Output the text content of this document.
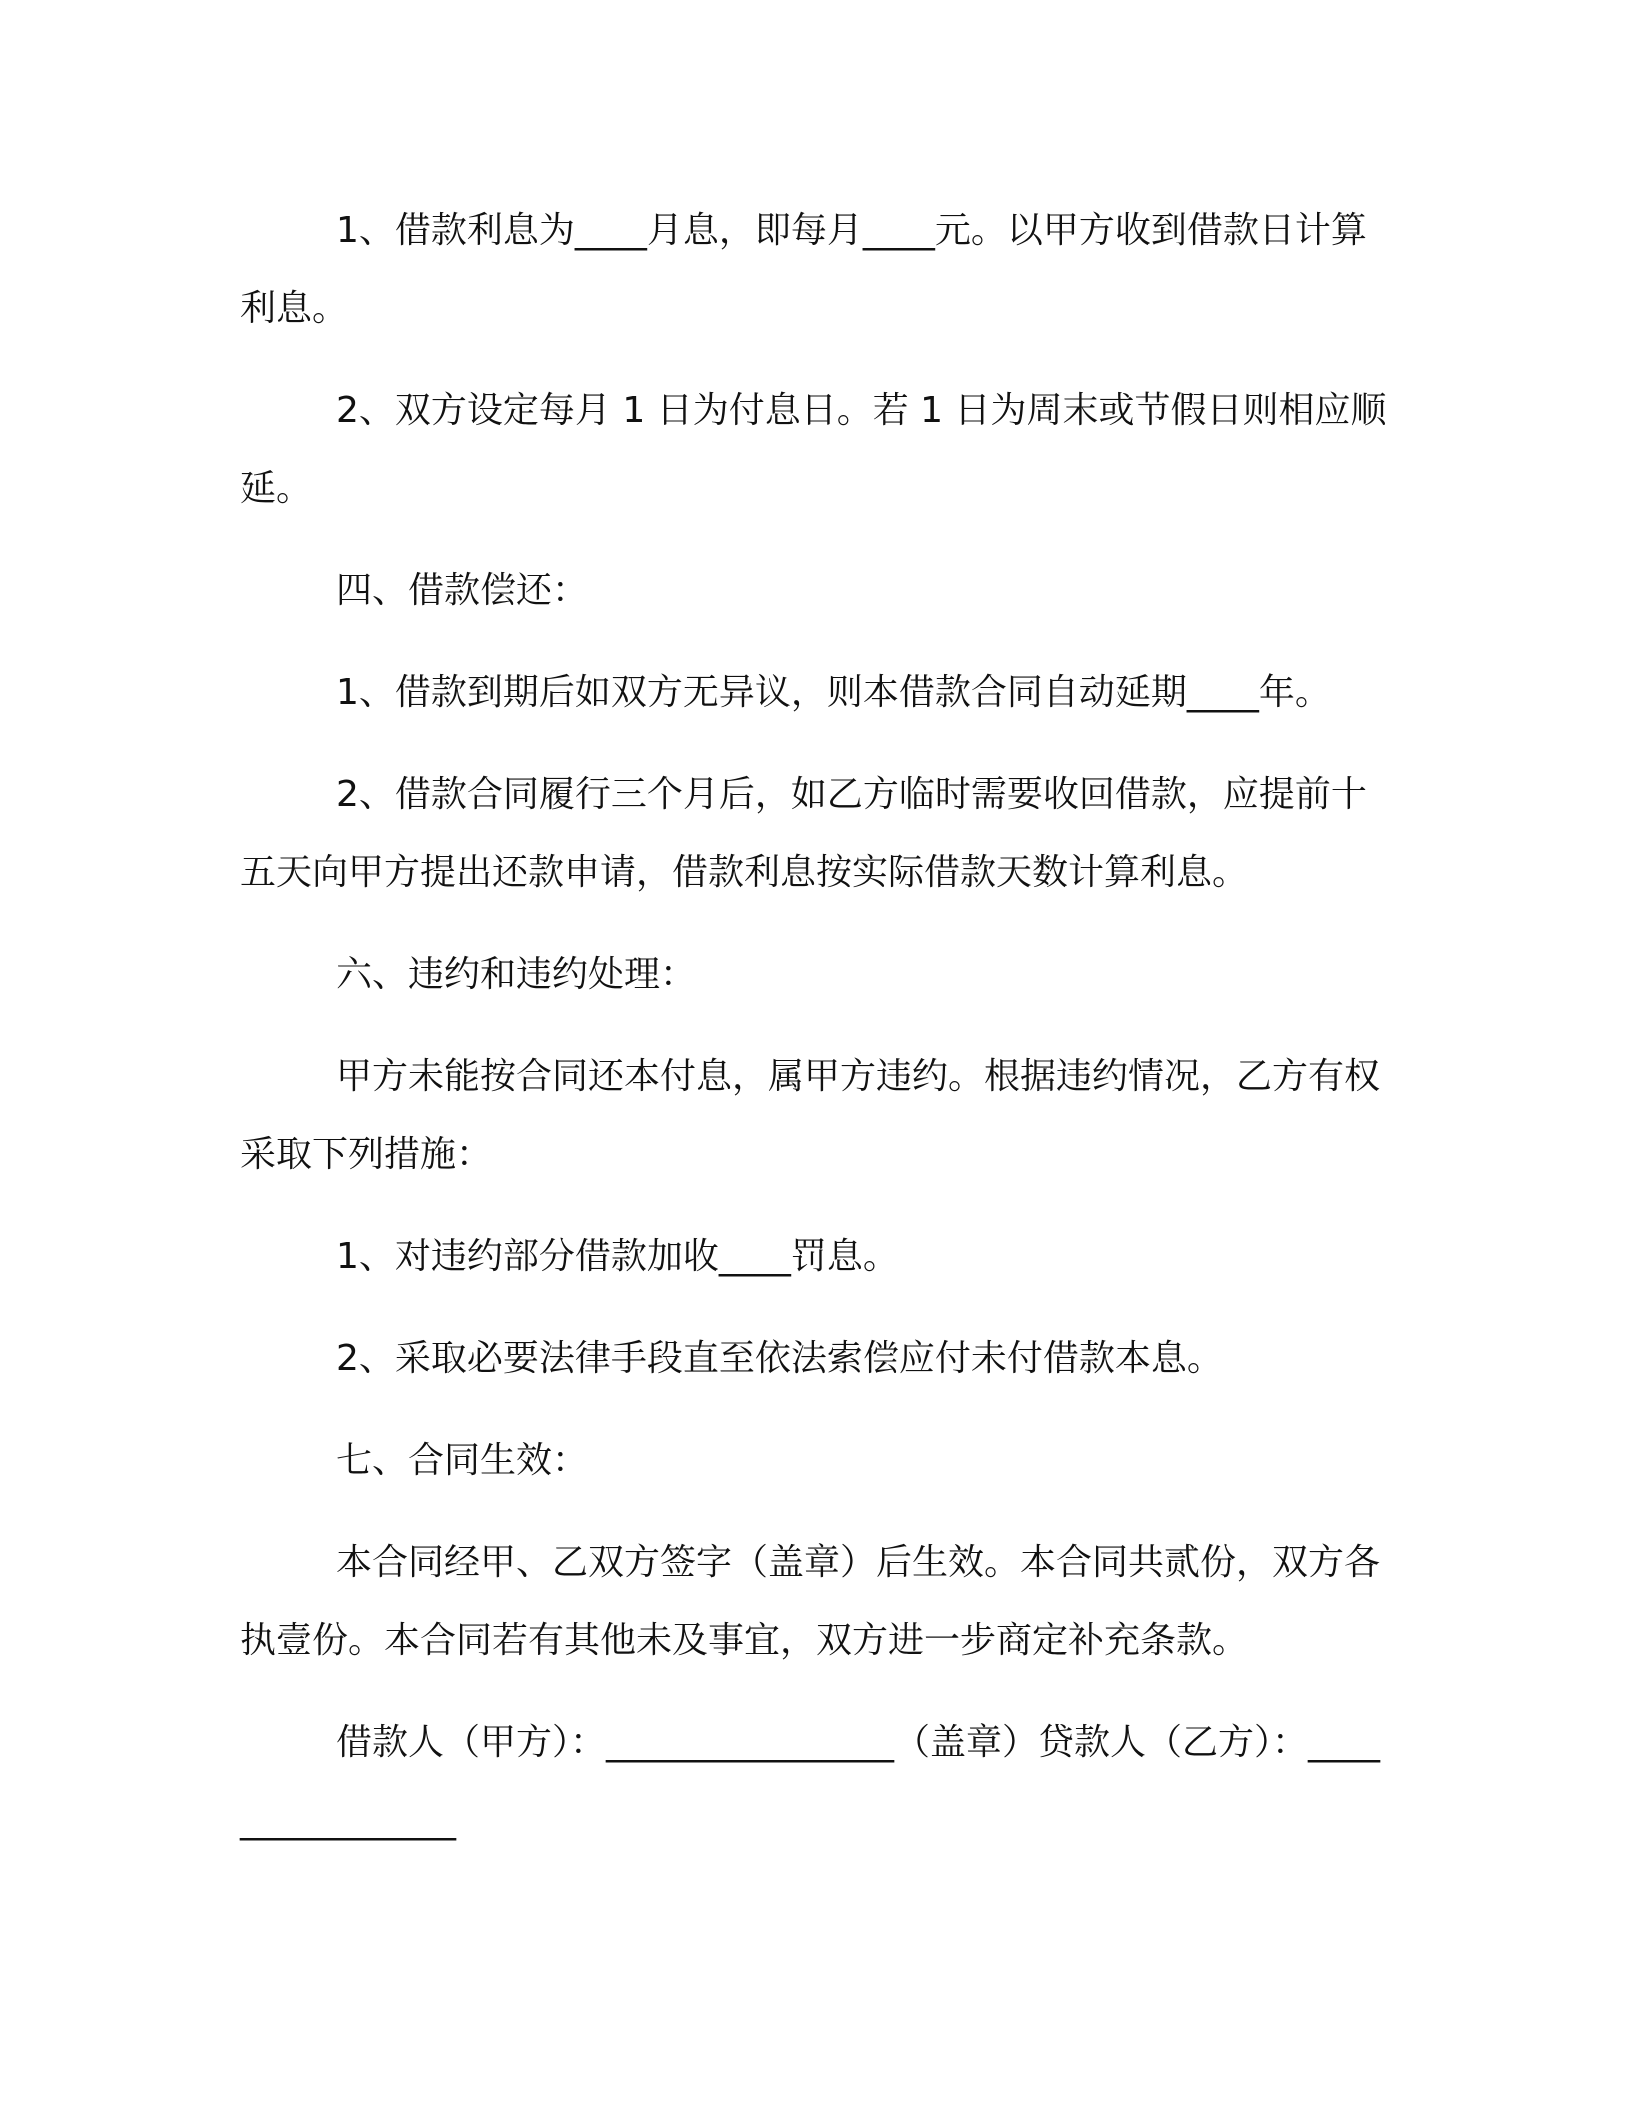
1、借款利息为____月息，即每月____元。以甲方收到借款日计算利息。

2、双方设定每月 1 日为付息日。若 1 日为周末或节假日则相应顺延。

四、借款偿还：

1、借款到期后如双方无异议，则本借款合同自动延期____年。

2、借款合同履行三个月后，如乙方临时需要收回借款，应提前十五天向甲方提出还款申请，借款利息按实际借款天数计算利息。

六、违约和违约处理：

甲方未能按合同还本付息，属甲方违约。根据违约情况，乙方有权采取下列措施：

1、对违约部分借款加收____罚息。

2、采取必要法律手段直至依法索偿应付未付借款本息。

七、合同生效：

本合同经甲、乙双方签字（盖章）后生效。本合同共贰份，双方各执壹份。本合同若有其他未及事宜，双方进一步商定补充条款。

借款人（甲方）：________________（盖章）贷款人（乙方）：________________
